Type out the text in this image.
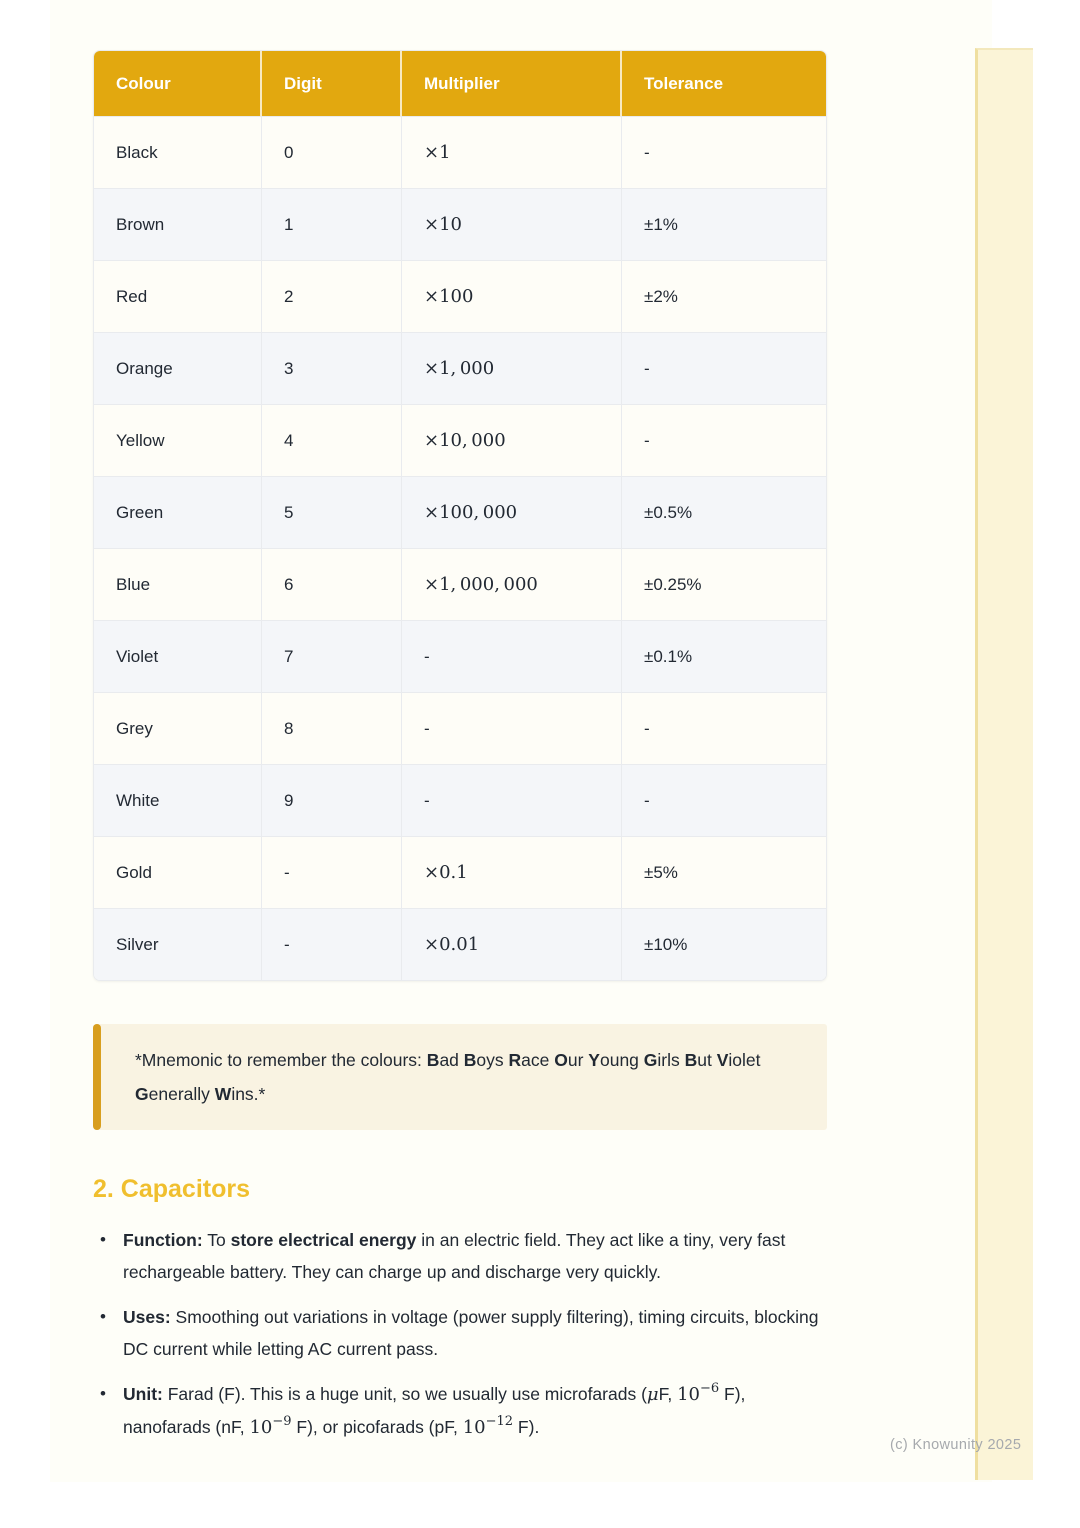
Colour	Digit	Multiplier	Tolerance
Black	0	×1	-
Brown	1	×10	±1%
Red	2	×100	±2%
Orange	3	×1, 000	-
Yellow	4	×10, 000	-
Green	5	×100, 000	±0.5%
Blue	6	×1, 000, 000	±0.25%
Violet	7	-	±0.1%
Grey	8	-	-
White	9	-	-
Gold	-	×0.1	±5%
Silver	-	×0.01	±10%

*Mnemonic to remember the colours: Bad Boys Race Our Young Girls But Violet Generally Wins.*

2. Capacitors
• Function: To store electrical energy in an electric field. They act like a tiny, very fast rechargeable battery. They can charge up and discharge very quickly.
• Uses: Smoothing out variations in voltage (power supply filtering), timing circuits, blocking DC current while letting AC current pass.
• Unit: Farad (F). This is a huge unit, so we usually use microfarads (μF, $10^{-6}$ F), nanofarads (nF, $10^{-9}$ F), or picofarads (pF, $10^{-12}$ F).
(c) Knowunity 2025
